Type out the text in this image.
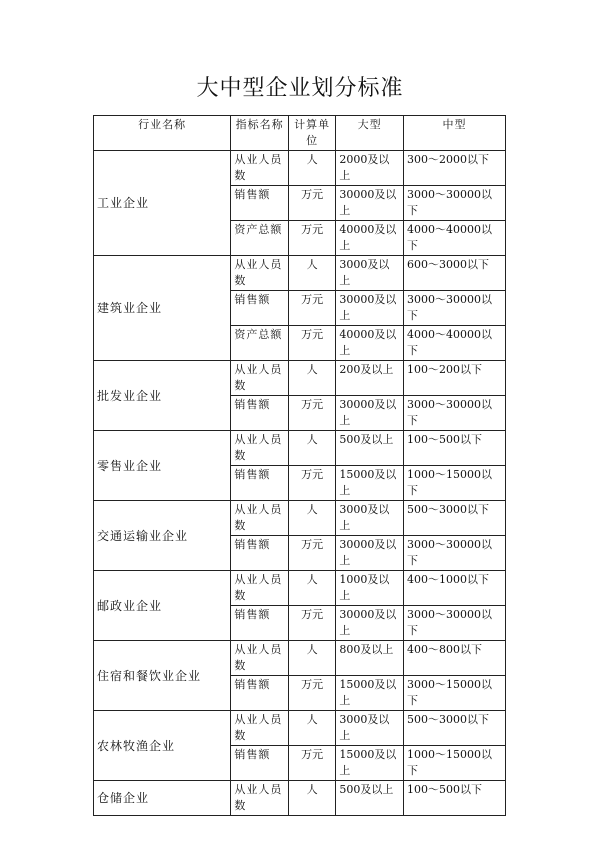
大中型企业划分标准
行业名称	指标名称	计算单位	大型	中型
工业企业	从业人员数	人	2000及以上	300～2000以下
	销售额	万元	30000及以上	3000～30000以下
	资产总额	万元	40000及以上	4000～40000以下
建筑业企业	从业人员数	人	3000及以上	600～3000以下
	销售额	万元	30000及以上	3000～30000以下
	资产总额	万元	40000及以上	4000～40000以下
批发业企业	从业人员数	人	200及以上	100～200以下
	销售额	万元	30000及以上	3000～30000以下
零售业企业	从业人员数	人	500及以上	100～500以下
	销售额	万元	15000及以上	1000～15000以下
交通运输业企业	从业人员数	人	3000及以上	500～3000以下
	销售额	万元	30000及以上	3000～30000以下
邮政业企业	从业人员数	人	1000及以上	400～1000以下
	销售额	万元	30000及以上	3000～30000以下
住宿和餐饮业企业	从业人员数	人	800及以上	400～800以下
	销售额	万元	15000及以上	3000～15000以下
农林牧渔企业	从业人员数	人	3000及以上	500～3000以下
	销售额	万元	15000及以上	1000～15000以下
仓储企业	从业人员数	人	500及以上	100～500以下
